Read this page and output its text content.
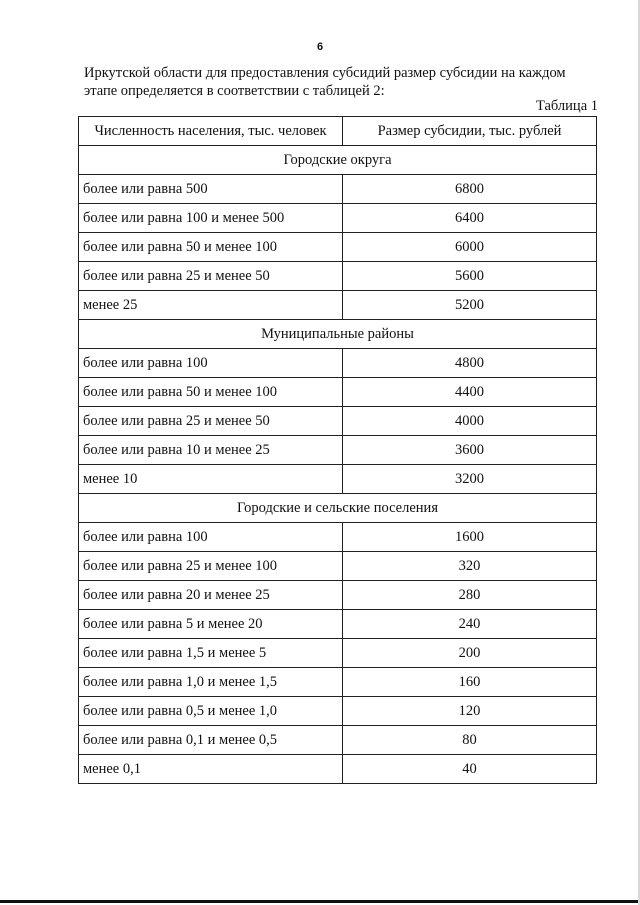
6

Иркутской области для предоставления субсидий размер субсидии на каждом
этапе определяется в соответствии с таблицей 2:

Таблица 1
Численность населения, тыс. человек	Размер субсидии, тыс. рублей
Городские округа	
более или равна 500	6800
более или равна 100 и менее 500	6400
более или равна 50 и менее 100	6000
более или равна 25 и менее 50	5600
менее 25	5200
Муниципальные районы	
более или равна 100	4800
более или равна 50 и менее 100	4400
более или равна 25 и менее 50	4000
более или равна 10 и менее 25	3600
менее 10	3200
Городские и сельские поселения	
более или равна 100	1600
более или равна 25 и менее 100	320
более или равна 20 и менее 25	280
более или равна 5 и менее 20	240
более или равна 1,5 и менее 5	200
более или равна 1,0 и менее 1,5	160
более или равна 0,5 и менее 1,0	120
более или равна 0,1 и менее 0,5	80
менее 0,1	40
